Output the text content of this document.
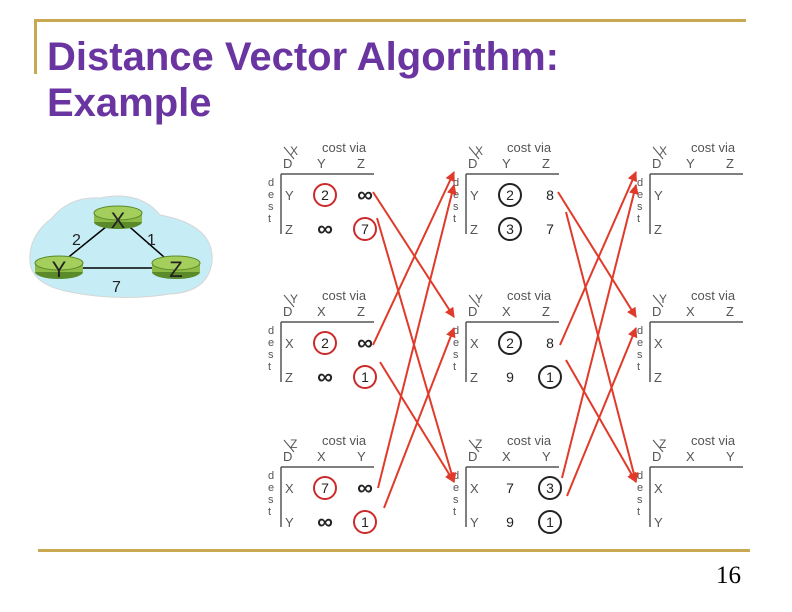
Distance Vector Algorithm:
Example
X
Y	Z
2	1
7
cost via
X
D Y Z
d
e
s
t
Y
Z
2 ∞
∞ 7
cost via
X
D Y Z
d
e
s
t
Y
Z
2 8
3 7
cost via
X
D Y Z
d
e
s
t
Y
Z
cost via
Y
D X Z
d
e
s
t
X
Z
2 ∞
∞ 1
cost via
Y
D X Z
d
e
s
t
X
Z
2 8
9 1
cost via
Y
D X Z
d
e
s
t
X
Z
cost via
Z
D X Y
d
e
s
t
X
Y
7 ∞
∞ 1
cost via
Z
D X Y
d
e
s
t
X
Y
7 3
9 1
cost via
Z
D X Y
d
e
s
t
X
Y
16
